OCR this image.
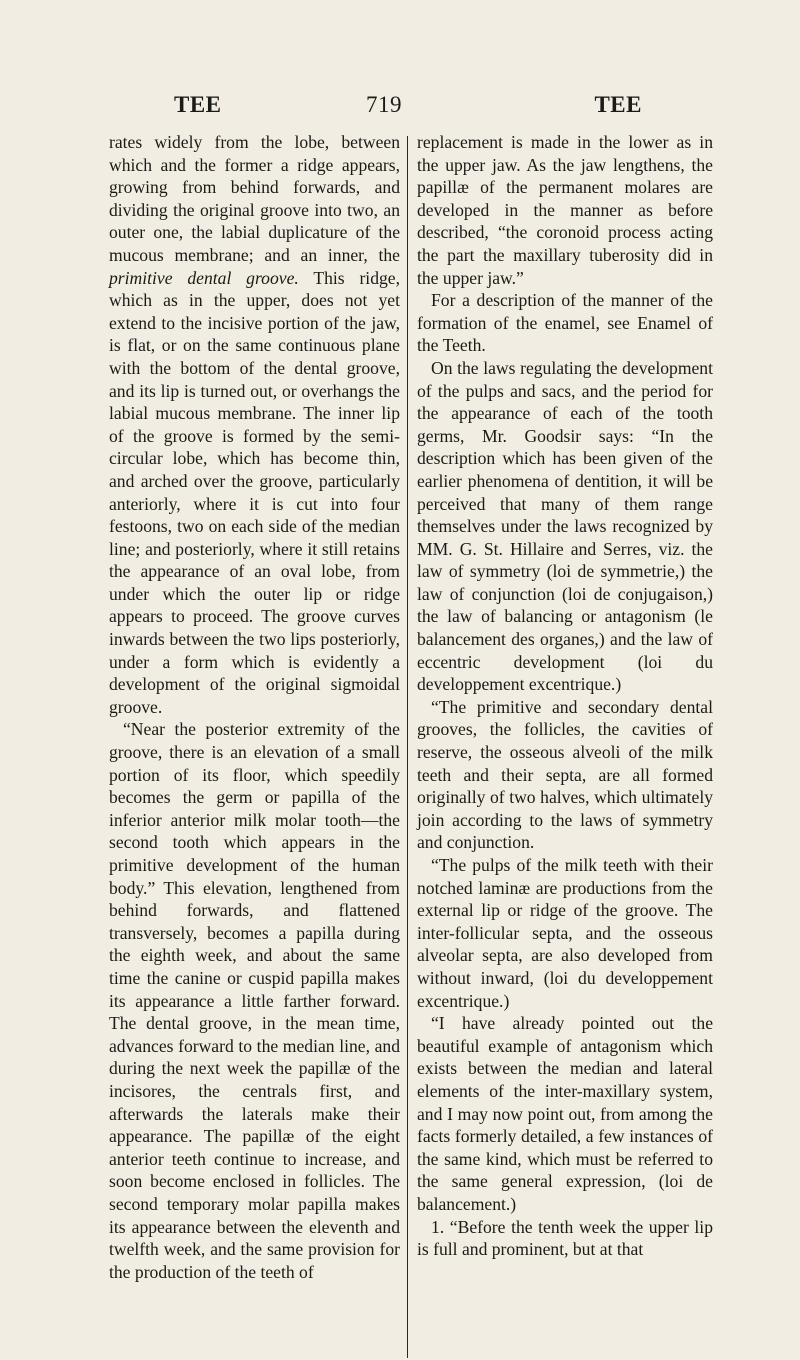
TEE	719	TEE

rates widely from the lobe, between which and the former a ridge appears, growing from behind forwards, and dividing the original groove into two, an outer one, the labial duplicature of the mucous membrane; and an inner, the primitive dental groove. This ridge, which as in the upper, does not yet extend to the incisive portion of the jaw, is flat, or on the same continuous plane with the bottom of the dental groove, and its lip is turned out, or overhangs the labial mucous membrane. The inner lip of the groove is formed by the semi-circular lobe, which has become thin, and arched over the groove, particularly anteriorly, where it is cut into four festoons, two on each side of the median line; and posteriorly, where it still retains the appearance of an oval lobe, from under which the outer lip or ridge appears to proceed. The groove curves inwards between the two lips posteriorly, under a form which is evidently a development of the original sigmoidal groove.

“Near the posterior extremity of the groove, there is an elevation of a small portion of its floor, which speedily becomes the germ or papilla of the inferior anterior milk molar tooth—the second tooth which appears in the primitive development of the human body.” This elevation, lengthened from behind forwards, and flattened transversely, becomes a papilla during the eighth week, and about the same time the canine or cuspid papilla makes its appearance a little farther forward. The dental groove, in the mean time, advances forward to the median line, and during the next week the papillæ of the incisores, the centrals first, and afterwards the laterals make their appearance. The papillæ of the eight anterior teeth continue to increase, and soon become enclosed in follicles. The second temporary molar papilla makes its appearance between the eleventh and twelfth week, and the same provision for the production of the teeth of

replacement is made in the lower as in the upper jaw. As the jaw lengthens, the papillæ of the permanent molares are developed in the manner as before described, “the coronoid process acting the part the maxillary tuberosity did in the upper jaw.”

For a description of the manner of the formation of the enamel, see Enamel of the Teeth.

On the laws regulating the development of the pulps and sacs, and the period for the appearance of each of the tooth germs, Mr. Goodsir says: “In the description which has been given of the earlier phenomena of dentition, it will be perceived that many of them range themselves under the laws recognized by MM. G. St. Hillaire and Serres, viz. the law of symmetry (loi de symmetrie,) the law of conjunction (loi de conjugaison,) the law of balancing or antagonism (le balancement des organes,) and the law of eccentric development (loi du developpement excentrique.)

“The primitive and secondary dental grooves, the follicles, the cavities of reserve, the osseous alveoli of the milk teeth and their septa, are all formed originally of two halves, which ultimately join according to the laws of symmetry and conjunction.

“The pulps of the milk teeth with their notched laminæ are productions from the external lip or ridge of the groove. The inter-follicular septa, and the osseous alveolar septa, are also developed from without inward, (loi du developpement excentrique.)

“I have already pointed out the beautiful example of antagonism which exists between the median and lateral elements of the inter-maxillary system, and I may now point out, from among the facts formerly detailed, a few instances of the same kind, which must be referred to the same general expression, (loi de balancement.)

1. “Before the tenth week the upper lip is full and prominent, but at that
